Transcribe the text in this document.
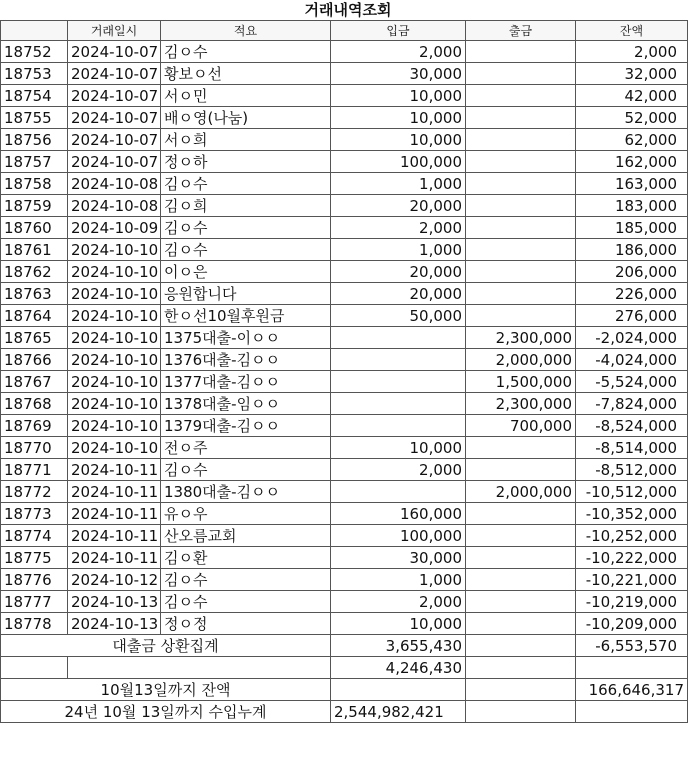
거래내역조회
	거래일시	적요	입금	출금	잔액
18752	2024-10-07	김ㅇ수	2,000		2,000
18753	2024-10-07	황보ㅇ선	30,000		32,000
18754	2024-10-07	서ㅇ민	10,000		42,000
18755	2024-10-07	배ㅇ영(나눔)	10,000		52,000
18756	2024-10-07	서ㅇ희	10,000		62,000
18757	2024-10-07	정ㅇ하	100,000		162,000
18758	2024-10-08	김ㅇ수	1,000		163,000
18759	2024-10-08	김ㅇ희	20,000		183,000
18760	2024-10-09	김ㅇ수	2,000		185,000
18761	2024-10-10	김ㅇ수	1,000		186,000
18762	2024-10-10	이ㅇ은	20,000		206,000
18763	2024-10-10	응원합니다	20,000		226,000
18764	2024-10-10	한ㅇ선10월후원금	50,000		276,000
18765	2024-10-10	1375대출-이ㅇㅇ		2,300,000	-2,024,000
18766	2024-10-10	1376대출-김ㅇㅇ		2,000,000	-4,024,000
18767	2024-10-10	1377대출-김ㅇㅇ		1,500,000	-5,524,000
18768	2024-10-10	1378대출-임ㅇㅇ		2,300,000	-7,824,000
18769	2024-10-10	1379대출-김ㅇㅇ		700,000	-8,524,000
18770	2024-10-10	전ㅇ주	10,000		-8,514,000
18771	2024-10-11	김ㅇ수	2,000		-8,512,000
18772	2024-10-11	1380대출-김ㅇㅇ		2,000,000	-10,512,000
18773	2024-10-11	유ㅇ우	160,000		-10,352,000
18774	2024-10-11	산오름교회	100,000		-10,252,000
18775	2024-10-11	김ㅇ환	30,000		-10,222,000
18776	2024-10-12	김ㅇ수	1,000		-10,221,000
18777	2024-10-13	김ㅇ수	2,000		-10,219,000
18778	2024-10-13	정ㅇ정	10,000		-10,209,000
대출금 상환집계			3,655,430		-6,553,570
			4,246,430		
10월13일까지 잔액					166,646,317
24년 10월 13일까지 수입누계			2,544,982,421		
